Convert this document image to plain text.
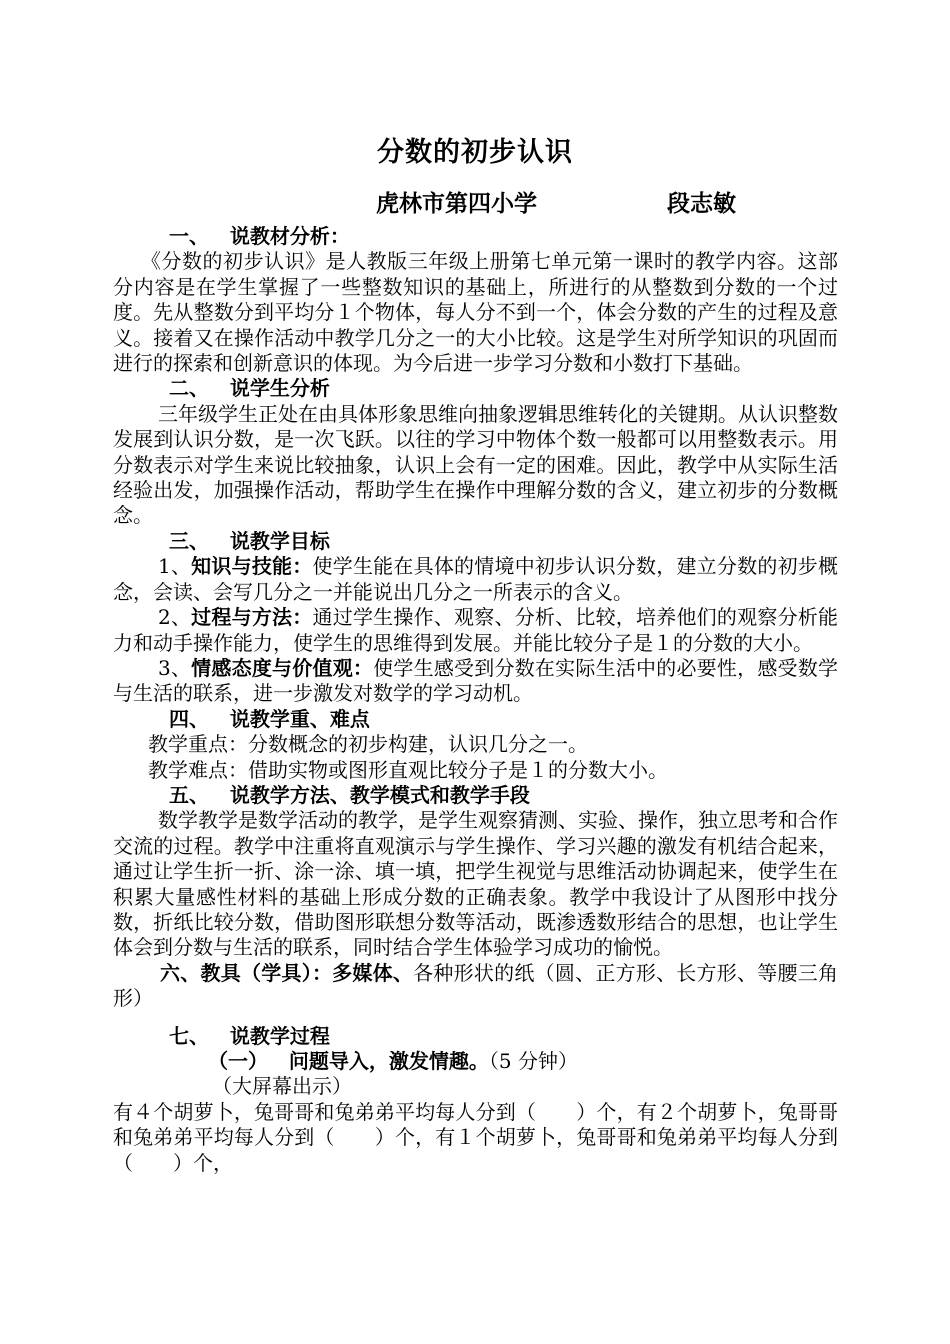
分数的初步认识
虎林市第四小学	段志敏
一、   说教材分析：
《分数的初步认识》是人教版三年级上册第七单元第一课时的教学内容。这部分内容是在学生掌握了一些整数知识的基础上，所进行的从整数到分数的一个过度。先从整数分到平均分１个物体，每人分不到一个，体会分数的产生的过程及意义。接着又在操作活动中教学几分之一的大小比较。这是学生对所学知识的巩固而进行的探索和创新意识的体现。为今后进一步学习分数和小数打下基础。
二、   说学生分析
三年级学生正处在由具体形象思维向抽象逻辑思维转化的关键期。从认识整数发展到认识分数，是一次飞跃。以往的学习中物体个数一般都可以用整数表示。用分数表示对学生来说比较抽象，认识上会有一定的困难。因此，教学中从实际生活经验出发，加强操作活动，帮助学生在操作中理解分数的含义，建立初步的分数概念。
三、   说教学目标
1、知识与技能：使学生能在具体的情境中初步认识分数，建立分数的初步概念，会读、会写几分之一并能说出几分之一所表示的含义。
2、过程与方法：通过学生操作、观察、分析、比较，培养他们的观察分析能力和动手操作能力，使学生的思维得到发展。并能比较分子是１的分数的大小。
3、情感态度与价值观：使学生感受到分数在实际生活中的必要性，感受数学与生活的联系，进一步激发对数学的学习动机。
四、   说教学重、难点
教学重点：分数概念的初步构建，认识几分之一。
教学难点：借助实物或图形直观比较分子是１的分数大小。
五、   说教学方法、教学模式和教学手段
数学教学是数学活动的教学，是学生观察猜测、实验、操作，独立思考和合作交流的过程。教学中注重将直观演示与学生操作、学习兴趣的激发有机结合起来，通过让学生折一折、涂一涂、填一填，把学生视觉与思维活动协调起来，使学生在积累大量感性材料的基础上形成分数的正确表象。教学中我设计了从图形中找分数，折纸比较分数，借助图形联想分数等活动，既渗透数形结合的思想，也让学生体会到分数与生活的联系，同时结合学生体验学习成功的愉悦。
六、教具（学具）：多媒体、各种形状的纸（圆、正方形、长方形、等腰三角形）
七、   说教学过程
（一）   问题导入，激发情趣。（5 分钟）
（大屏幕出示）
有４个胡萝卜，兔哥哥和兔弟弟平均每人分到（　　）个，有２个胡萝卜，兔哥哥和兔弟弟平均每人分到（　　）个，有１个胡萝卜，兔哥哥和兔弟弟平均每人分到（　　）个，
